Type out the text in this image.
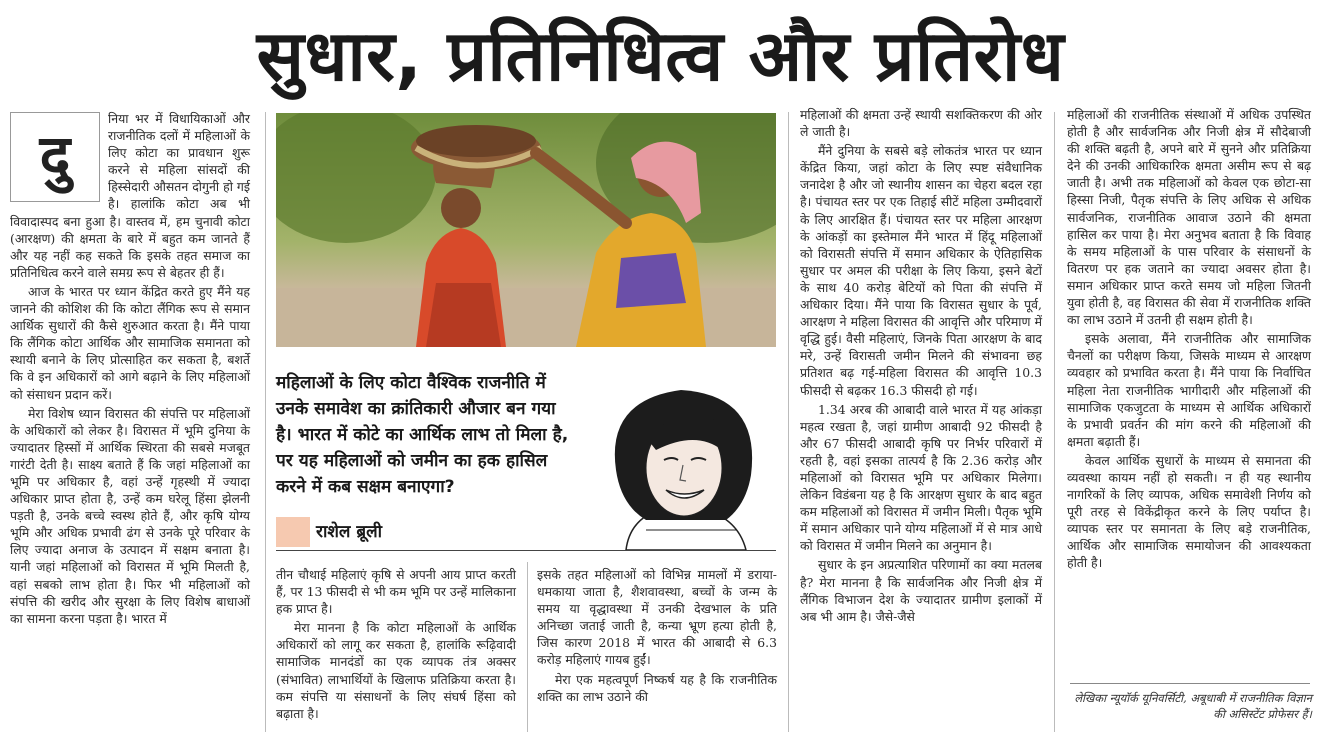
सुधार, प्रतिनिधित्व और प्रतिरोध
दु

निया भर में विधायिकाओं और राजनीतिक दलों में महिलाओं के लिए कोटा का प्रावधान शुरू करने से महिला सांसदों की हिस्सेदारी औसतन दोगुनी हो गई है। हालांकि कोटा अब भी विवादास्पद बना हुआ है। वास्तव में, हम चुनावी कोटा (आरक्षण) की क्षमता के बारे में बहुत कम जानते हैं और यह नहीं कह सकते कि इसके तहत समाज का प्रतिनिधित्व करने वाले समग्र रूप से बेहतर ही हैं।

आज के भारत पर ध्यान केंद्रित करते हुए मैंने यह जानने की कोशिश की कि कोटा लैंगिक रूप से समान आर्थिक सुधारों की कैसे शुरुआत करता है। मैंने पाया कि लैंगिक कोटा आर्थिक और सामाजिक समानता को स्थायी बनाने के लिए प्रोत्साहित कर सकता है, बशर्ते कि वे इन अधिकारों को आगे बढ़ाने के लिए महिलाओं को संसाधन प्रदान करें।

मेरा विशेष ध्यान विरासत की संपत्ति पर महिलाओं के अधिकारों को लेकर है। विरासत में भूमि दुनिया के ज्यादातर हिस्सों में आर्थिक स्थिरता की सबसे मजबूत गारंटी देती है। साक्ष्य बताते हैं कि जहां महिलाओं का भूमि पर अधिकार है, वहां उन्हें गृहस्थी में ज्यादा अधिकार प्राप्त होता है, उन्हें कम घरेलू हिंसा झेलनी पड़ती है, उनके बच्चे स्वस्थ होते हैं, और कृषि योग्य भूमि और अधिक प्रभावी ढंग से उनके पूरे परिवार के लिए ज्यादा अनाज के उत्पादन में सक्षम बनाता है। यानी जहां महिलाओं को विरासत में भूमि मिलती है, वहां सबको लाभ होता है। फिर भी महिलाओं को संपत्ति की खरीद और सुरक्षा के लिए विशेष बाधाओं का सामना करना पड़ता है। भारत में

महिलाओं के लिए कोटा वैश्विक राजनीति में उनके समावेश का क्रांतिकारी औजार बन गया है। भारत में कोटे का आर्थिक लाभ तो मिला है, पर यह महिलाओं को जमीन का हक हासिल करने में कब सक्षम बनाएगा?
राशेल ब्रूली

तीन चौथाई महिलाएं कृषि से अपनी आय प्राप्त करती हैं, पर 13 फीसदी से भी कम भूमि पर उन्हें मालिकाना हक प्राप्त है।

मेरा मानना है कि कोटा महिलाओं के आर्थिक अधिकारों को लागू कर सकता है, हालांकि रूढ़िवादी सामाजिक मानदंडों का एक व्यापक तंत्र अक्सर (संभावित) लाभार्थियों के खिलाफ प्रतिक्रिया करता है। कम संपत्ति या संसाधनों के लिए संघर्ष हिंसा को बढ़ाता है।

इसके तहत महिलाओं को विभिन्न मामलों में डराया-धमकाया जाता है, शैशवावस्था, बच्चों के जन्म के समय या वृद्धावस्था में उनकी देखभाल के प्रति अनिच्छा जताई जाती है, कन्या भ्रूण हत्या होती है, जिस कारण 2018 में भारत की आबादी से 6.3 करोड़ महिलाएं गायब हुईं।

मेरा एक महत्वपूर्ण निष्कर्ष यह है कि राजनीतिक शक्ति का लाभ उठाने की

महिलाओं की क्षमता उन्हें स्थायी सशक्तिकरण की ओर ले जाती है।

मैंने दुनिया के सबसे बड़े लोकतंत्र भारत पर ध्यान केंद्रित किया, जहां कोटा के लिए स्पष्ट संवैधानिक जनादेश है और जो स्थानीय शासन का चेहरा बदल रहा है। पंचायत स्तर पर एक तिहाई सीटें महिला उम्मीदवारों के लिए आरक्षित हैं। पंचायत स्तर पर महिला आरक्षण के आंकड़ों का इस्तेमाल मैंने भारत में हिंदू महिलाओं को विरासती संपत्ति में समान अधिकार के ऐतिहासिक सुधार पर अमल की परीक्षा के लिए किया, इसने बेटों के साथ 40 करोड़ बेटियों को पिता की संपत्ति में अधिकार दिया। मैंने पाया कि विरासत सुधार के पूर्व, आरक्षण ने महिला विरासत की आवृत्ति और परिमाण में वृद्धि हुई। वैसी महिलाएं, जिनके पिता आरक्षण के बाद मरे, उन्हें विरासती जमीन मिलने की संभावना छह प्रतिशत बढ़ गई-महिला विरासत की आवृत्ति 10.3 फीसदी से बढ़कर 16.3 फीसदी हो गई।

1.34 अरब की आबादी वाले भारत में यह आंकड़ा महत्व रखता है, जहां ग्रामीण आबादी 92 फीसदी है और 67 फीसदी आबादी कृषि पर निर्भर परिवारों में रहती है, वहां इसका तात्पर्य है कि 2.36 करोड़ और महिलाओं को विरासत भूमि पर अधिकार मिलेगा। लेकिन विडंबना यह है कि आरक्षण सुधार के बाद बहुत कम महिलाओं को विरासत में जमीन मिली। पैतृक भूमि में समान अधिकार पाने योग्य महिलाओं में से मात्र आधे को विरासत में जमीन मिलने का अनुमान है।

सुधार के इन अप्रत्याशित परिणामों का क्या मतलब है? मेरा मानना है कि सार्वजनिक और निजी क्षेत्र में लैंगिक विभाजन देश के ज्यादातर ग्रामीण इलाकों में अब भी आम है। जैसे-जैसे

महिलाओं की राजनीतिक संस्थाओं में अधिक उपस्थित होती है और सार्वजनिक और निजी क्षेत्र में सौदेबाजी की शक्ति बढ़ती है, अपने बारे में सुनने और प्रतिक्रिया देने की उनकी आधिकारिक क्षमता असीम रूप से बढ़ जाती है। अभी तक महिलाओं को केवल एक छोटा-सा हिस्सा निजी, पैतृक संपत्ति के लिए अधिक से अधिक सार्वजनिक, राजनीतिक आवाज उठाने की क्षमता हासिल कर पाया है। मेरा अनुभव बताता है कि विवाह के समय महिलाओं के पास परिवार के संसाधनों के वितरण पर हक जताने का ज्यादा अवसर होता है। समान अधिकार प्राप्त करते समय जो महिला जितनी युवा होती है, वह विरासत की सेवा में राजनीतिक शक्ति का लाभ उठाने में उतनी ही सक्षम होती है।

इसके अलावा, मैंने राजनीतिक और सामाजिक चैनलों का परीक्षण किया, जिसके माध्यम से आरक्षण व्यवहार को प्रभावित करता है। मैंने पाया कि निर्वाचित महिला नेता राजनीतिक भागीदारी और महिलाओं की सामाजिक एकजुटता के माध्यम से आर्थिक अधिकारों के प्रभावी प्रवर्तन की मांग करने की महिलाओं की क्षमता बढ़ाती हैं।

केवल आर्थिक सुधारों के माध्यम से समानता की व्यवस्था कायम नहीं हो सकती। न ही यह स्थानीय नागरिकों के लिए व्यापक, अधिक समावेशी निर्णय को पूरी तरह से विकेंद्रीकृत करने के लिए पर्याप्त है। व्यापक स्तर पर समानता के लिए बड़े राजनीतिक, आर्थिक और सामाजिक समायोजन की आवश्यकता होती है।

लेखिका न्यूयॉर्क यूनिवर्सिटी, अबूधाबी में राजनीतिक विज्ञान की असिस्टेंट प्रोफेसर हैं।
